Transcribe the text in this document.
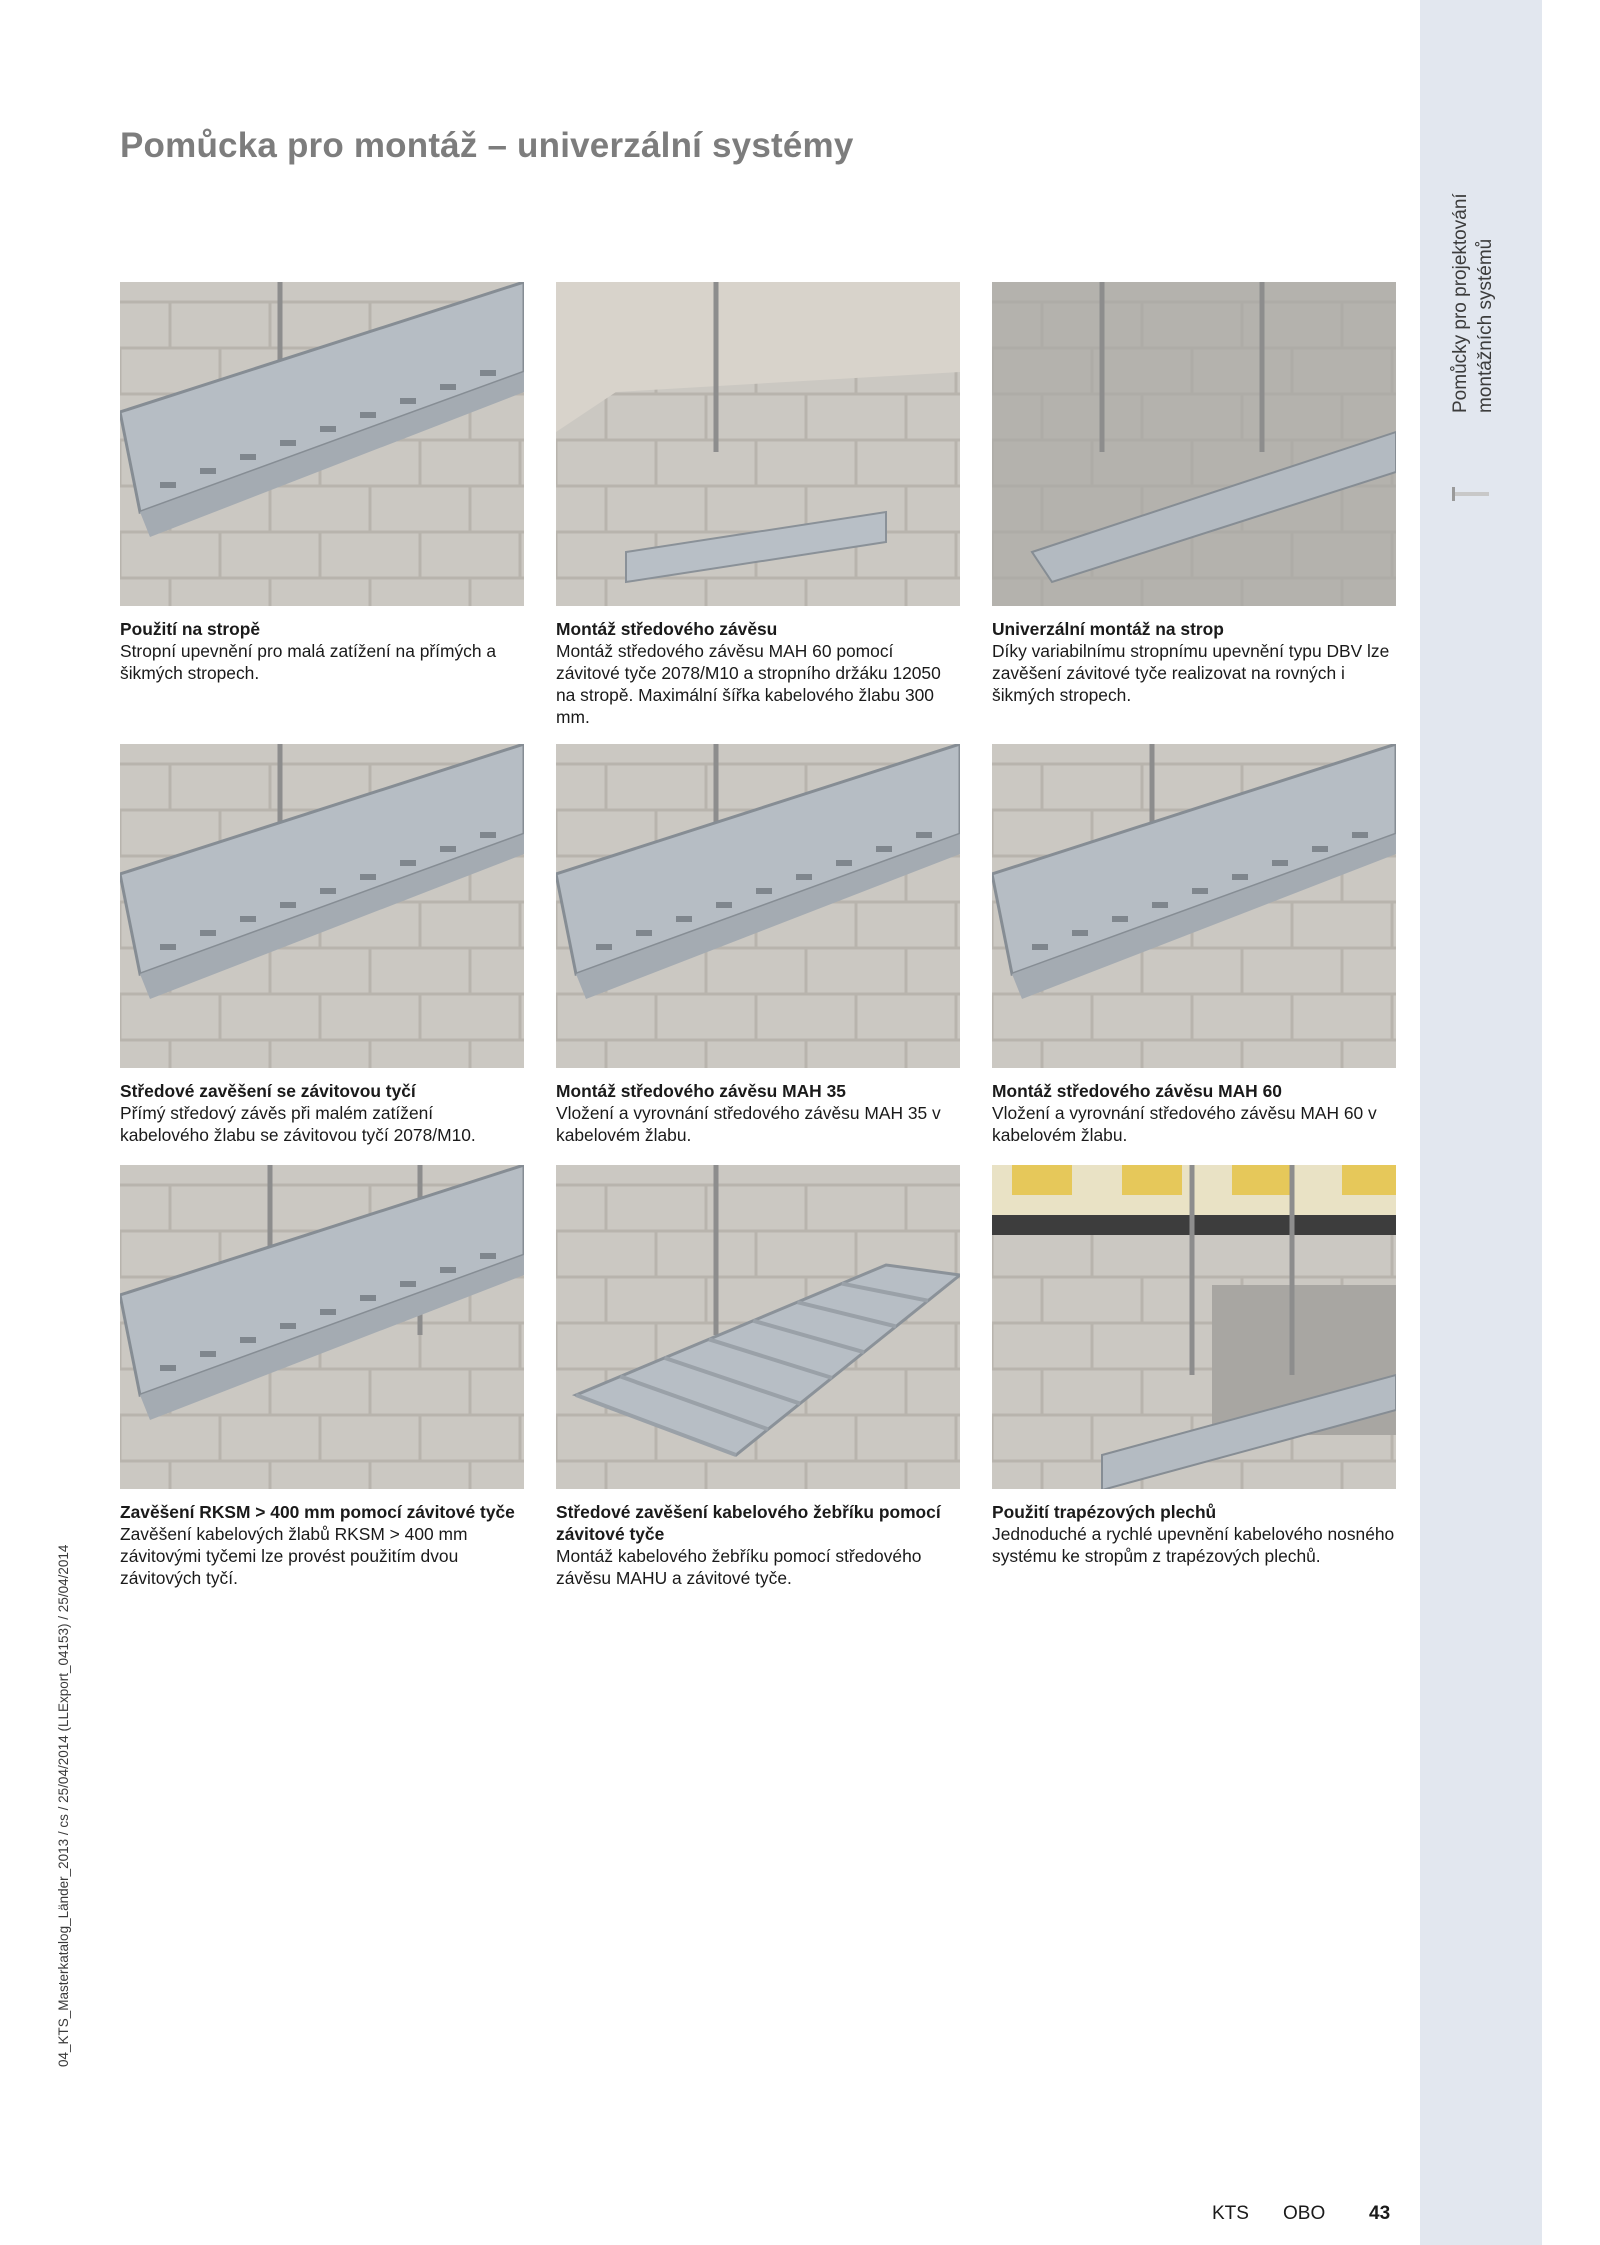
Pomůcky pro projektování montážních systémů
Pomůcka pro montáž – univerzální systémy
04_KTS_Masterkatalog_Länder_2013 / cs / 25/04/2014 (LLExport_04153) / 25/04/2014
Použití na stropě
Stropní upevnění pro malá zatížení na přímých a šikmých stropech.
Montáž středového závěsu
Montáž středového závěsu MAH 60 pomocí závitové tyče 2078/M10 a stropního držáku 12050 na stropě. Maximální šířka kabelového žlabu 300 mm.
Univerzální montáž na strop
Díky variabilnímu stropnímu upevnění typu DBV lze zavěšení závitové tyče realizovat na rovných i šikmých stropech.
Středové zavěšení se závitovou tyčí
Přímý středový závěs při malém zatížení kabelového žlabu se závitovou tyčí 2078/M10.
Montáž středového závěsu MAH 35
Vložení a vyrovnání středového závěsu MAH 35 v kabelovém žlabu.
Montáž středového závěsu MAH 60
Vložení a vyrovnání středového závěsu MAH 60 v kabelovém žlabu.
Zavěšení RKSM > 400 mm pomocí závitové tyče
Zavěšení kabelových žlabů RKSM > 400 mm závitovými tyčemi lze provést použitím dvou závitových tyčí.
Středové zavěšení kabelového žebříku pomocí závitové tyče
Montáž kabelového žebříku pomocí středového závěsu MAHU a závitové tyče.
Použití trapézových plechů
Jednoduché a rychlé upevnění kabelového nosného systému ke stropům z trapézových plechů.
KTS OBO 43
